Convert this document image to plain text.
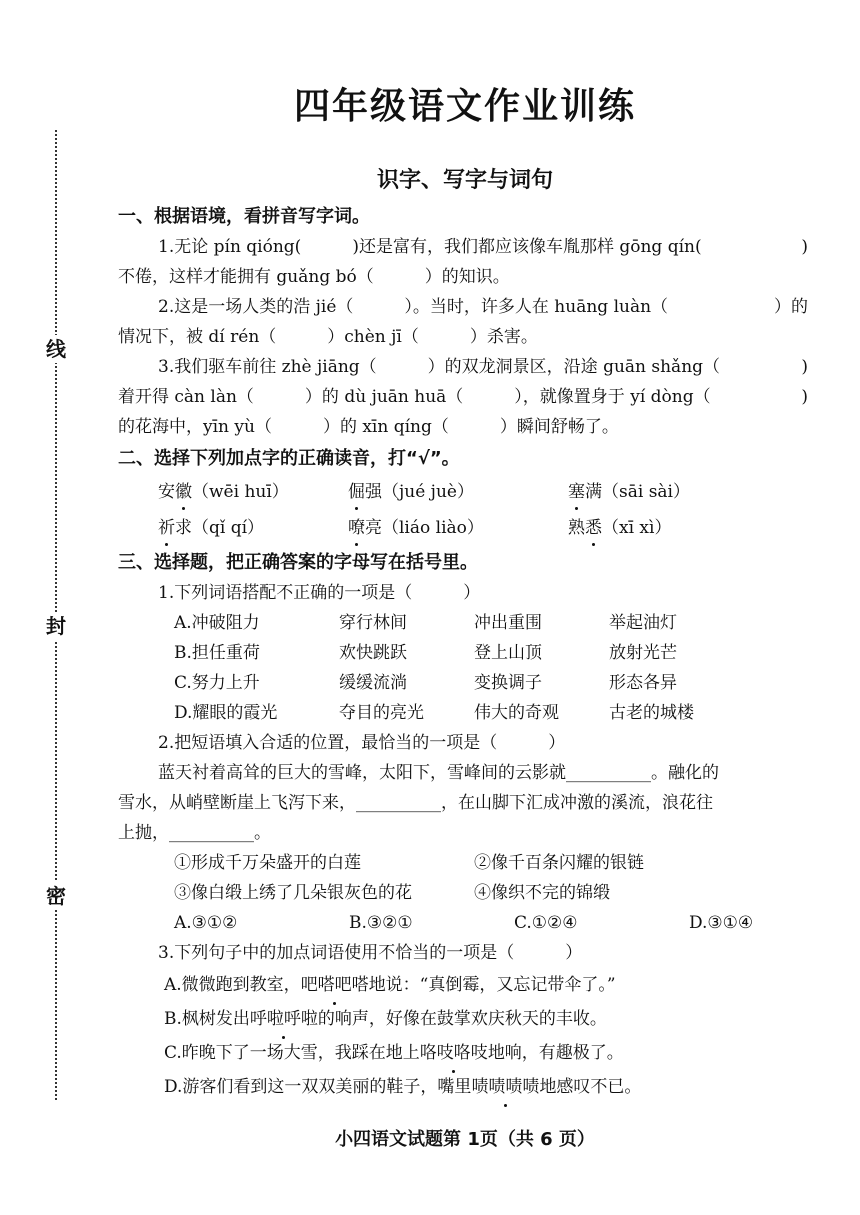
线
封
密
四年级语文作业训练
识字、写字与词句
一、根据语境，看拼音写字词。
1.无论 pín qióng(　　　)还是富有，我们都应该像车胤那样 gōng qín(	)
不倦，这样才能拥有 guǎng bó（　　　）的知识。
2.这是一场人类的浩 jié（　　　）。当时，许多人在 huāng luàn（	）的
情况下，被 dí rén（　　　）chèn jī（　　　）杀害。
3.我们驱车前往 zhè jiāng（　　　）的双龙洞景区，沿途 guān shǎng（	)
着开得 càn làn（　　　）的 dù juān huā（　　　），就像置身于 yí dòng（	)
的花海中，yīn yù（　　　）的 xīn qíng（　　　）瞬间舒畅了。
二、选择下列加点字的正确读音，打“√”。
安徽（wēi huī）	倔强（jué juè）	塞满（sāi sài）
祈求（qǐ qí）	嘹亮（liáo liào）	熟悉（xī xì）
三、选择题，把正确答案的字母写在括号里。
1.下列词语搭配不正确的一项是（　　　）
A.冲破阻力	穿行林间	冲出重围	举起油灯
B.担任重荷	欢快跳跃	登上山顶	放射光芒
C.努力上升	缓缓流淌	变换调子	形态各异
D.耀眼的霞光	夺目的亮光	伟大的奇观	古老的城楼
2.把短语填入合适的位置，最恰当的一项是（　　　）
蓝天衬着高耸的巨大的雪峰，太阳下，雪峰间的云影就__________。融化的
雪水，从峭壁断崖上飞泻下来，__________，在山脚下汇成冲激的溪流，浪花往
上抛，__________。
①形成千万朵盛开的白莲	②像千百条闪耀的银链
③像白缎上绣了几朵银灰色的花	④像织不完的锦缎
A.③①②	B.③②①	C.①②④	D.③①④
3.下列句子中的加点词语使用不恰当的一项是（　　　）
A.微微跑到教室，吧嗒吧嗒地说：“真倒霉，又忘记带伞了。”
B.枫树发出呼啦呼啦的响声，好像在鼓掌欢庆秋天的丰收。
C.昨晚下了一场大雪，我踩在地上咯吱咯吱地响，有趣极了。
D.游客们看到这一双双美丽的鞋子，嘴里啧啧啧啧地感叹不已。
小四语文试题第 1页（共 6 页）
